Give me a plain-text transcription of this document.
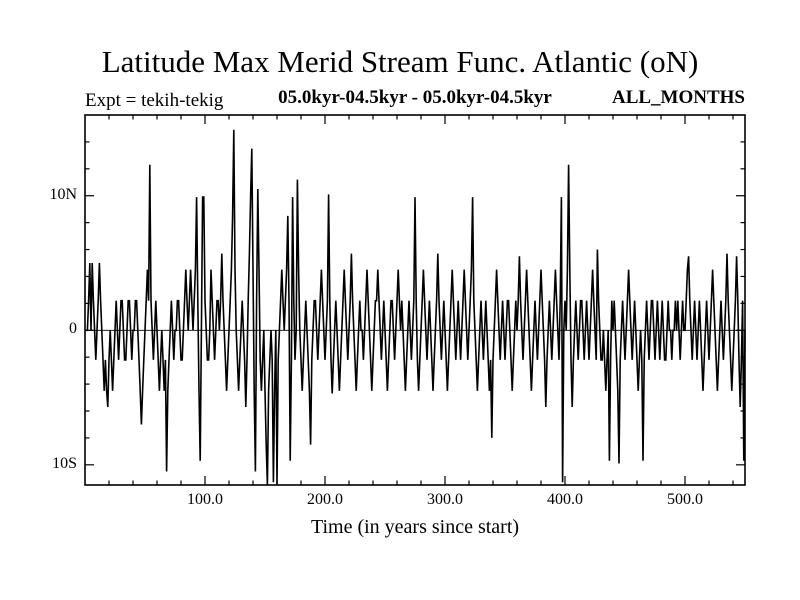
Latitude Max Merid Stream Func. Atlantic (oN)
Expt = tekih-tekig	05.0kyr-04.5kyr - 05.0kyr-04.5kyr	ALL_MONTHS
Time (in years since start)
100.0	200.0	300.0	400.0	500.0
10N
0
10S
